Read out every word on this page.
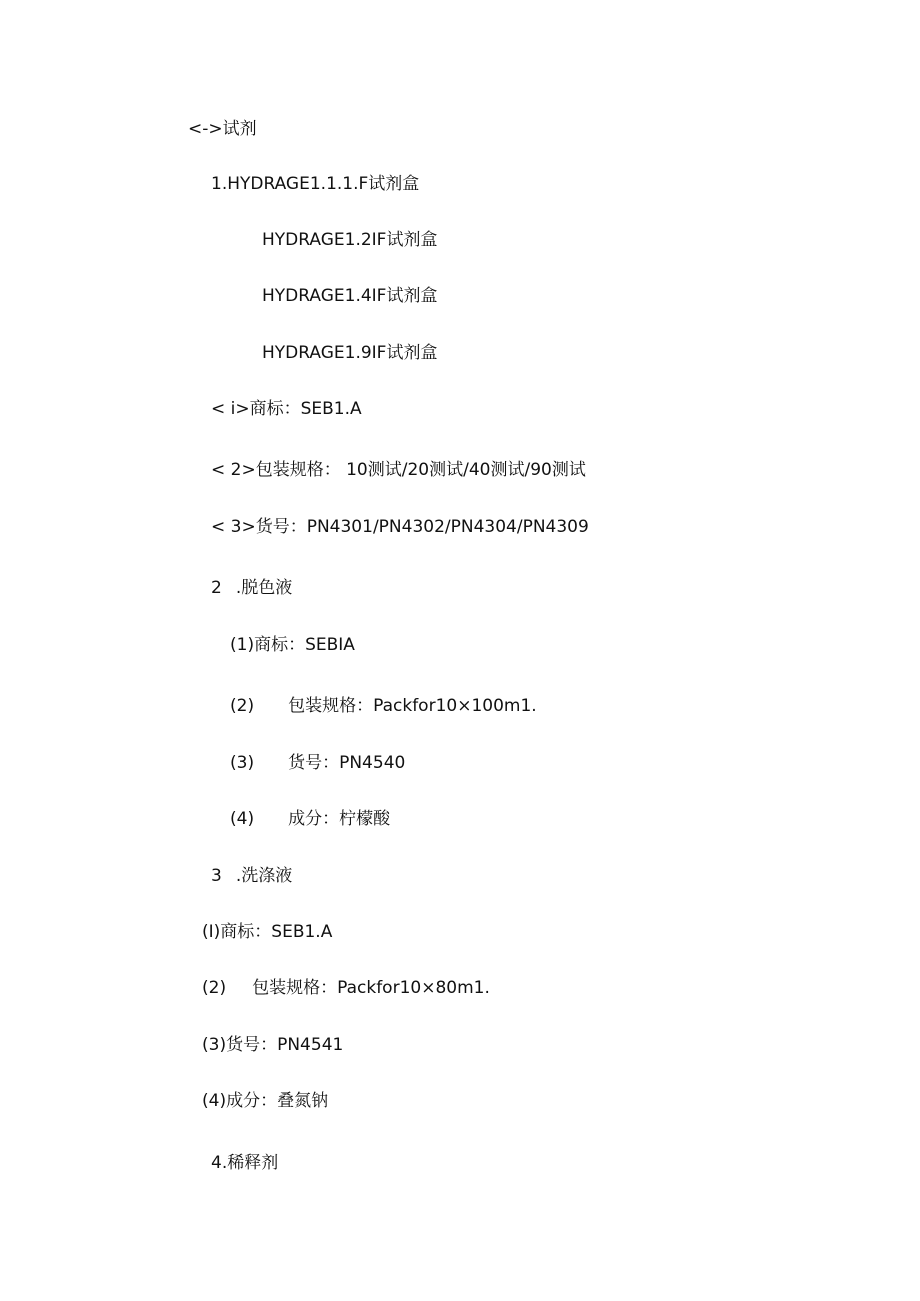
<->试剂
1.HYDRAGE1.1.1.F试剂盒
HYDRAGE1.2IF试剂盒
HYDRAGE1.4IF试剂盒
HYDRAGE1.9IF试剂盒
< i>商标：SEB1.A
< 2>包装规格： 10测试/20测试/40测试/90测试
< 3>货号：PN4301∕PN4302∕PN4304/PN4309
2 .脱色液
(1)商标：SEBIA
(2) 包装规格：Packfor10×100m1.
(3) 货号：PN4540
(4) 成分：柠檬酸
3 .洗涤液
(I)商标：SEB1.A
(2) 包装规格：Packfor10×80m1.
(3)货号：PN4541
(4)成分：叠氮钠
4.稀释剂
